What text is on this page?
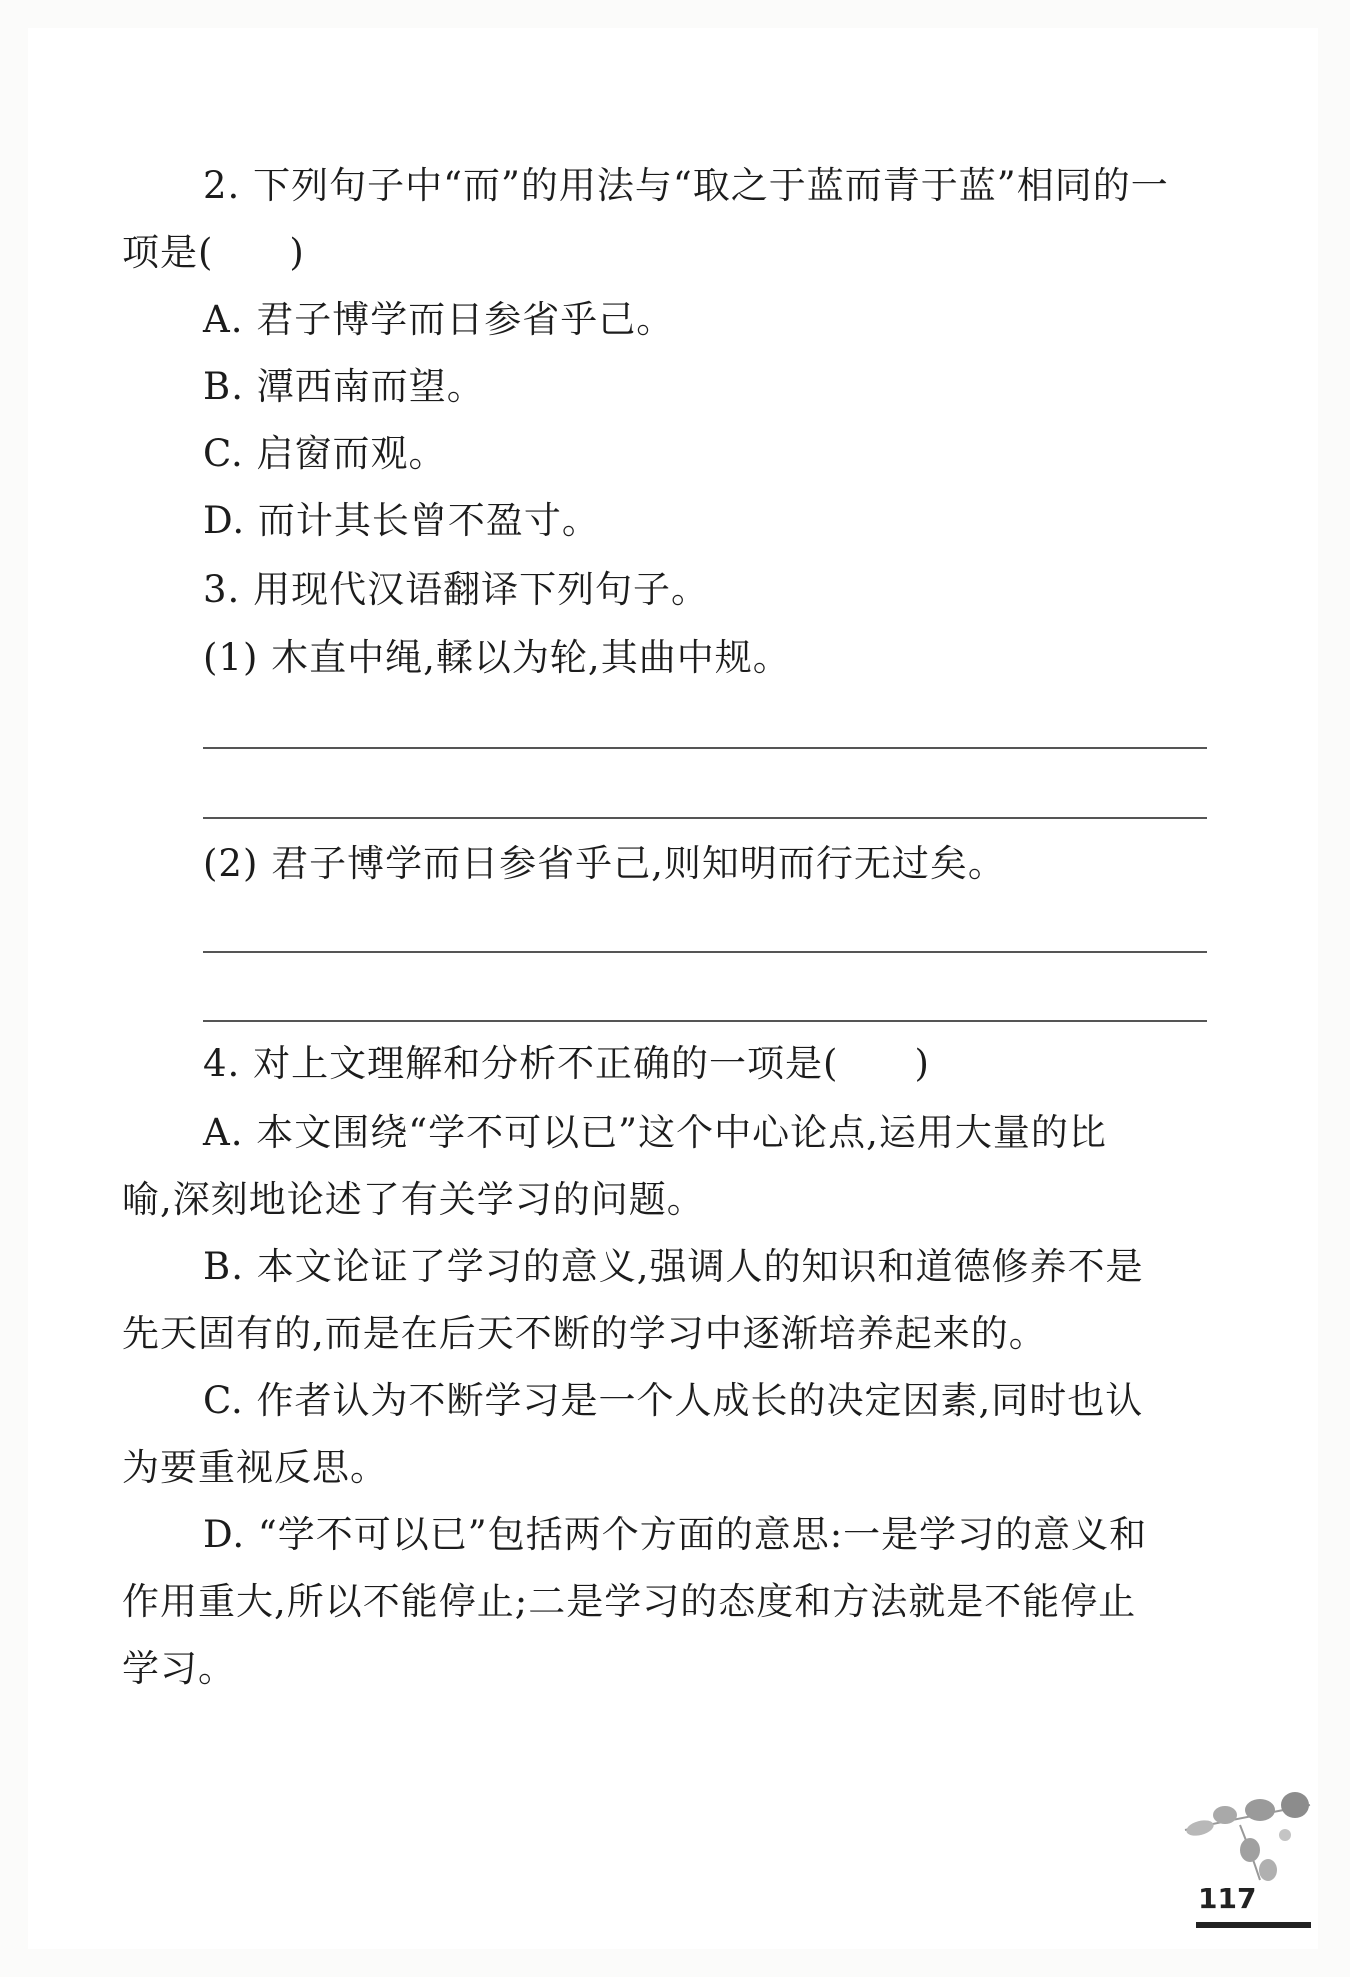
2. 下列句子中“而”的用法与“取之于蓝而青于蓝”相同的一
项是(　　)
A. 君子博学而日参省乎己。
B. 潭西南而望。
C. 启窗而观。
D. 而计其长曾不盈寸。
3. 用现代汉语翻译下列句子。
(1) 木直中绳,輮以为轮,其曲中规。
(2) 君子博学而日参省乎己,则知明而行无过矣。
4. 对上文理解和分析不正确的一项是(　　)
A. 本文围绕“学不可以已”这个中心论点,运用大量的比
喻,深刻地论述了有关学习的问题。
B. 本文论证了学习的意义,强调人的知识和道德修养不是
先天固有的,而是在后天不断的学习中逐渐培养起来的。
C. 作者认为不断学习是一个人成长的决定因素,同时也认
为要重视反思。
D. “学不可以已”包括两个方面的意思:一是学习的意义和
作用重大,所以不能停止;二是学习的态度和方法就是不能停止
学习。
117
